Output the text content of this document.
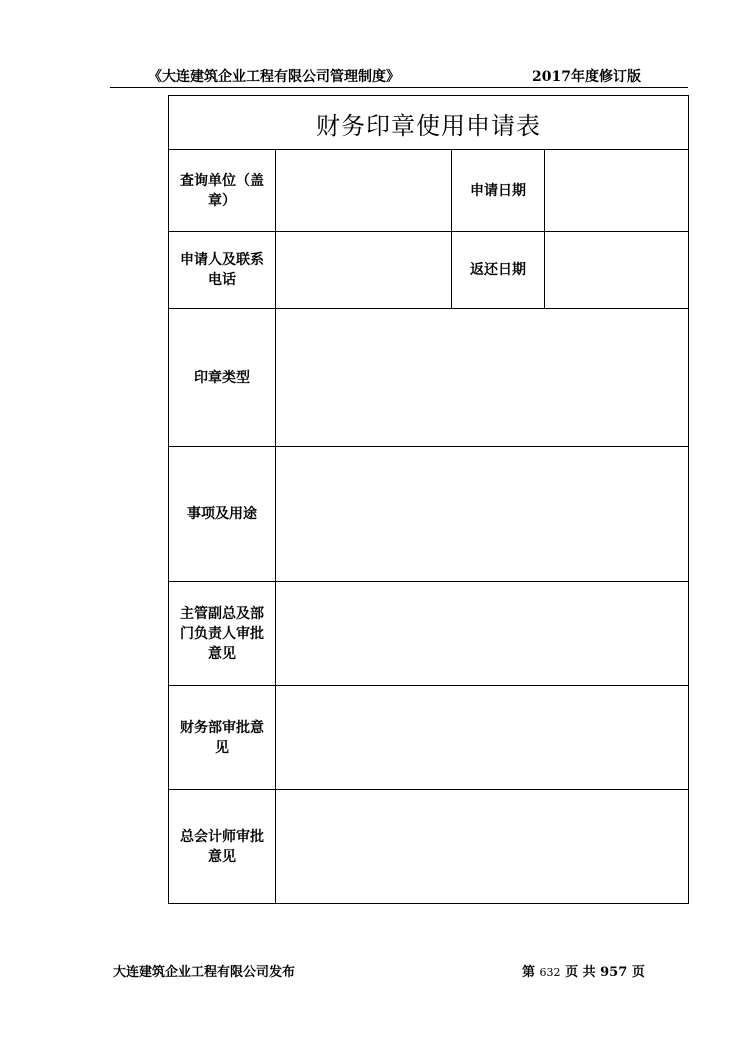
《大连建筑企业工程有限公司管理制度》	2017年度修订版
财务印章使用申请表
查询单位（盖章）
申请日期
申请人及联系电话
返还日期
印章类型
事项及用途
主管副总及部门负责人审批意见
财务部审批意见
总会计师审批意见
大连建筑企业工程有限公司发布	第 632 页 共 957 页
